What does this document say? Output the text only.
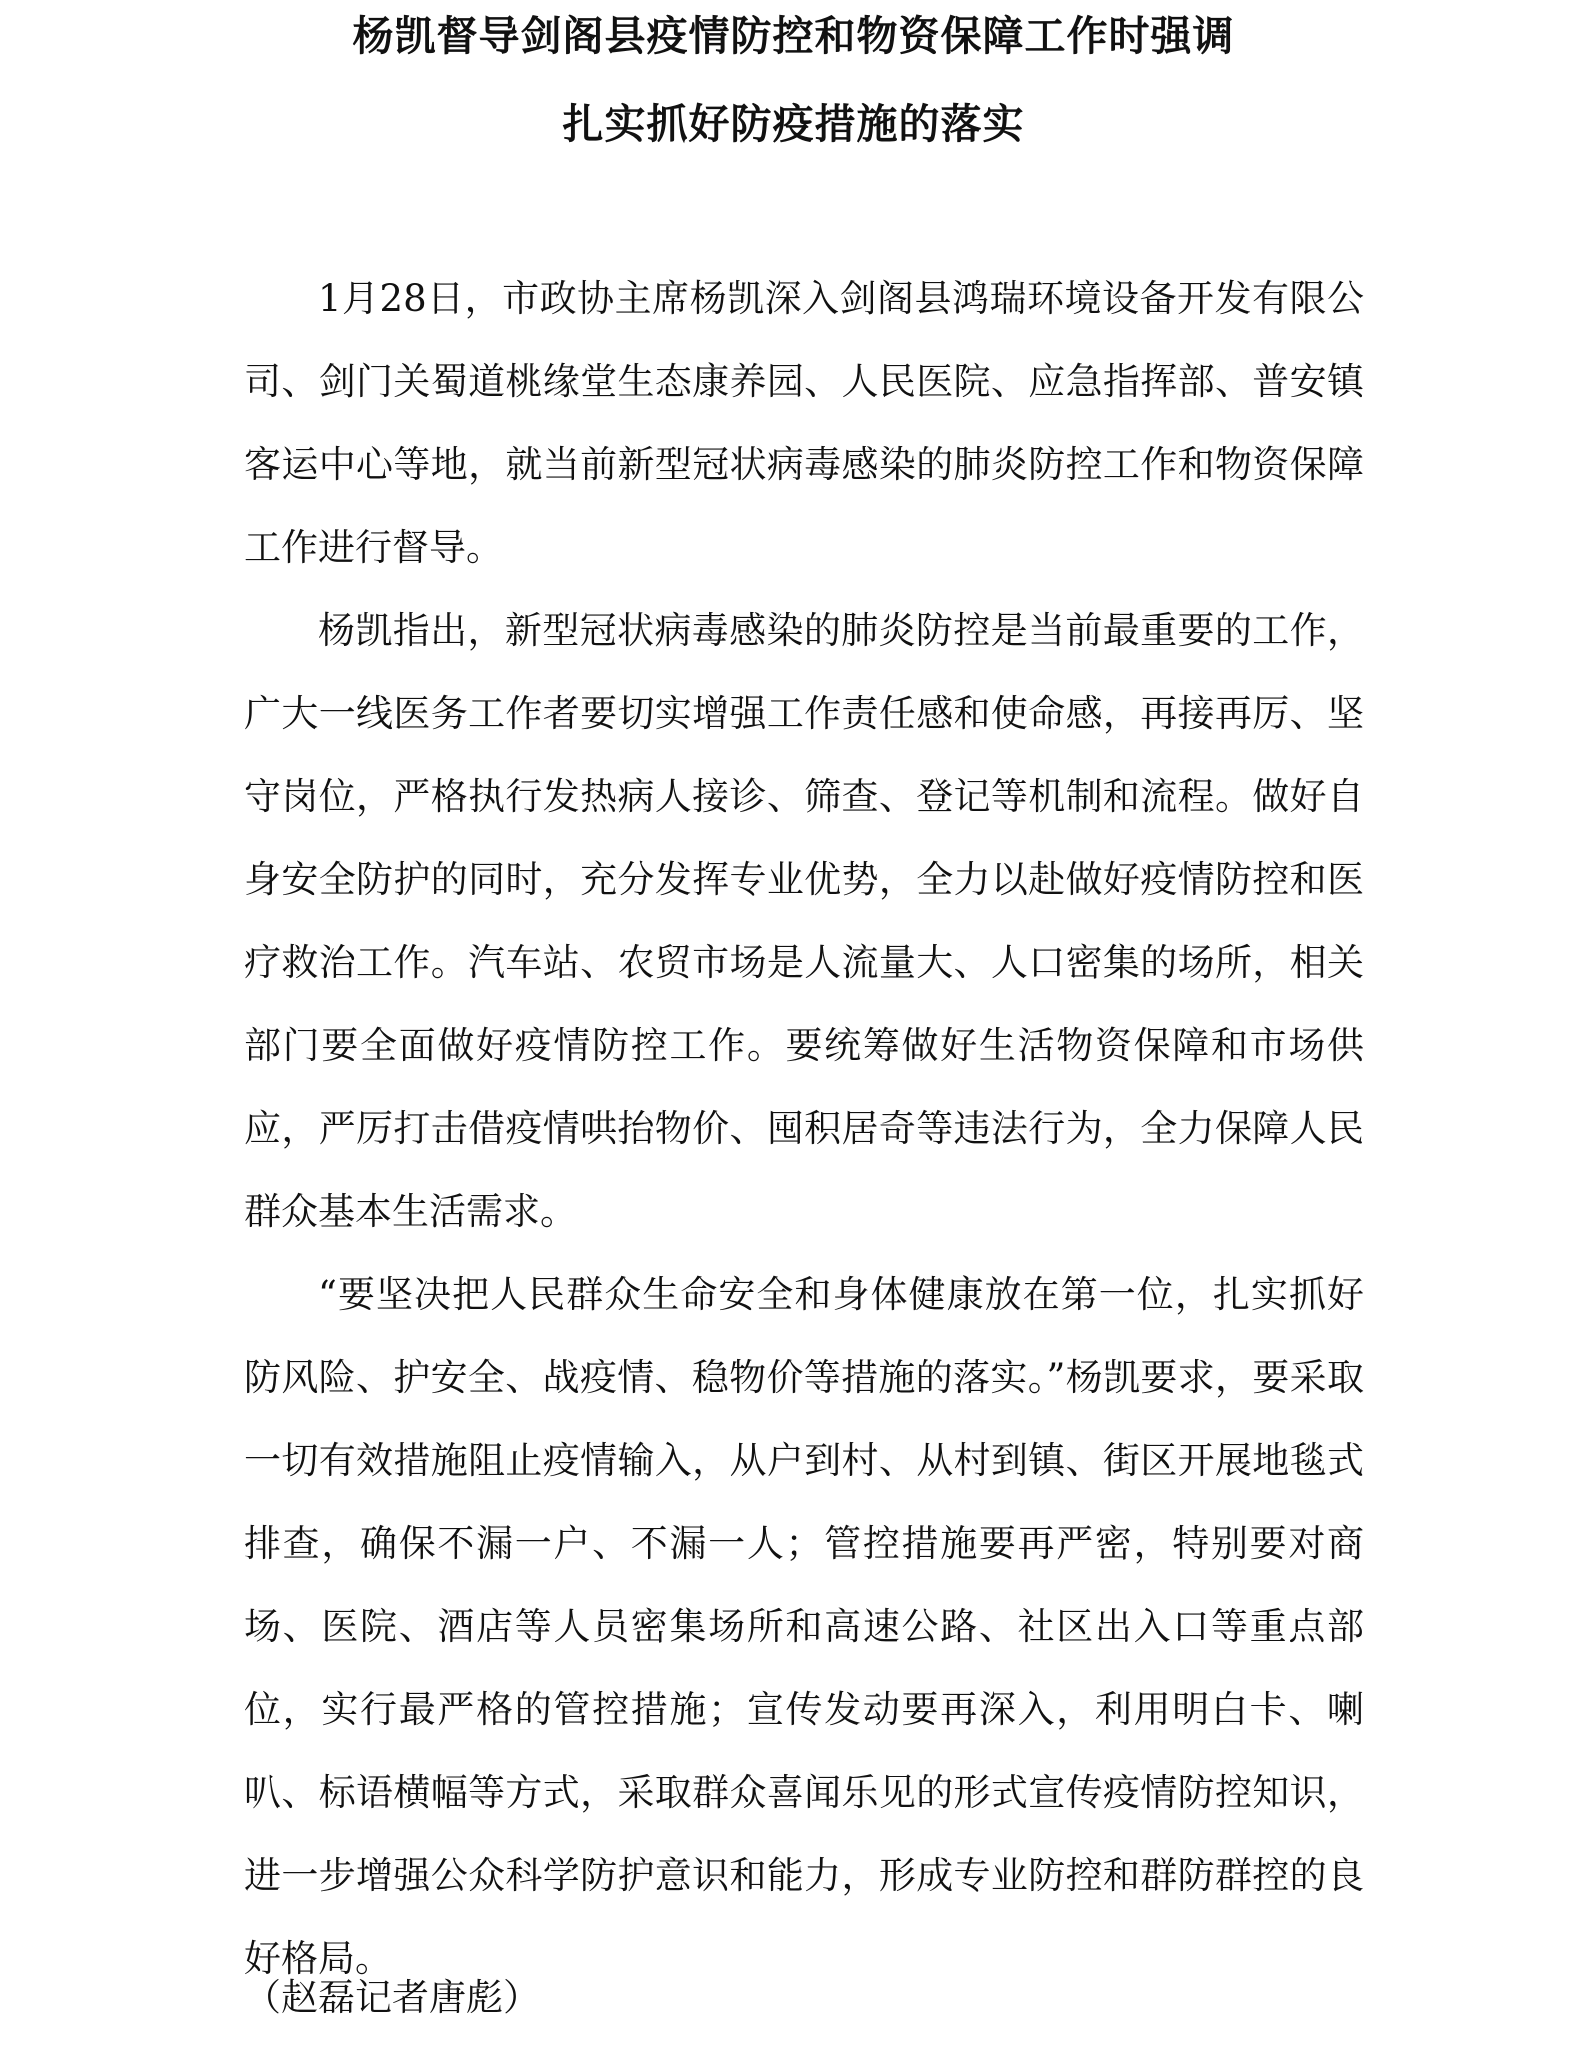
杨凯督导剑阁县疫情防控和物资保障工作时强调
扎实抓好防疫措施的落实

1月28日，市政协主席杨凯深入剑阁县鸿瑞环境设备开发有限公司、剑门关蜀道桃缘堂生态康养园、人民医院、应急指挥部、普安镇客运中心等地，就当前新型冠状病毒感染的肺炎防控工作和物资保障工作进行督导。

杨凯指出，新型冠状病毒感染的肺炎防控是当前最重要的工作，广大一线医务工作者要切实增强工作责任感和使命感，再接再厉、坚守岗位，严格执行发热病人接诊、筛查、登记等机制和流程。做好自身安全防护的同时，充分发挥专业优势，全力以赴做好疫情防控和医疗救治工作。汽车站、农贸市场是人流量大、人口密集的场所，相关部门要全面做好疫情防控工作。要统筹做好生活物资保障和市场供应，严厉打击借疫情哄抬物价、囤积居奇等违法行为，全力保障人民群众基本生活需求。

“要坚决把人民群众生命安全和身体健康放在第一位，扎实抓好防风险、护安全、战疫情、稳物价等措施的落实。”杨凯要求，要采取一切有效措施阻止疫情输入，从户到村、从村到镇、街区开展地毯式排查，确保不漏一户、不漏一人；管控措施要再严密，特别要对商场、医院、酒店等人员密集场所和高速公路、社区出入口等重点部位，实行最严格的管控措施；宣传发动要再深入，利用明白卡、喇叭、标语横幅等方式，采取群众喜闻乐见的形式宣传疫情防控知识，进一步增强公众科学防护意识和能力，形成专业防控和群防群控的良好格局。

（赵磊记者唐彪）
